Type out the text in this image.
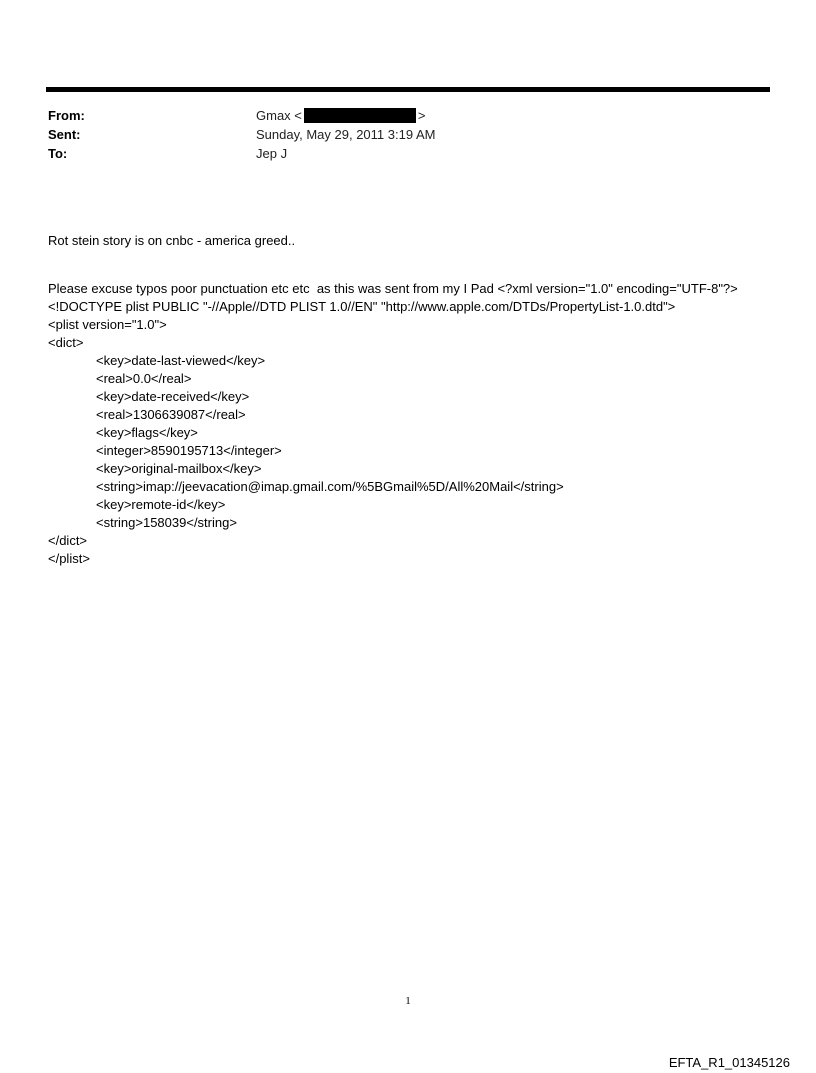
From:	Gmax <	>
Sent:	Sunday, May 29, 2011 3:19 AM
To:	Jep J
Rot stein story is on cnbc - america greed..
Please excuse typos poor punctuation etc etc  as this was sent from my I Pad <?xml version="1.0" encoding="UTF-8"?>
<!DOCTYPE plist PUBLIC "-//Apple//DTD PLIST 1.0//EN" "http://www.apple.com/DTDs/PropertyList-1.0.dtd">
<plist version="1.0">
<dict>
<key>date-last-viewed</key>
<real>0.0</real>
<key>date-received</key>
<real>1306639087</real>
<key>flags</key>
<integer>8590195713</integer>
<key>original-mailbox</key>
<string>imap://jeevacation@imap.gmail.com/%5BGmail%5D/All%20Mail</string>
<key>remote-id</key>
<string>158039</string>
</dict>
</plist>
1
EFTA_R1_01345126
